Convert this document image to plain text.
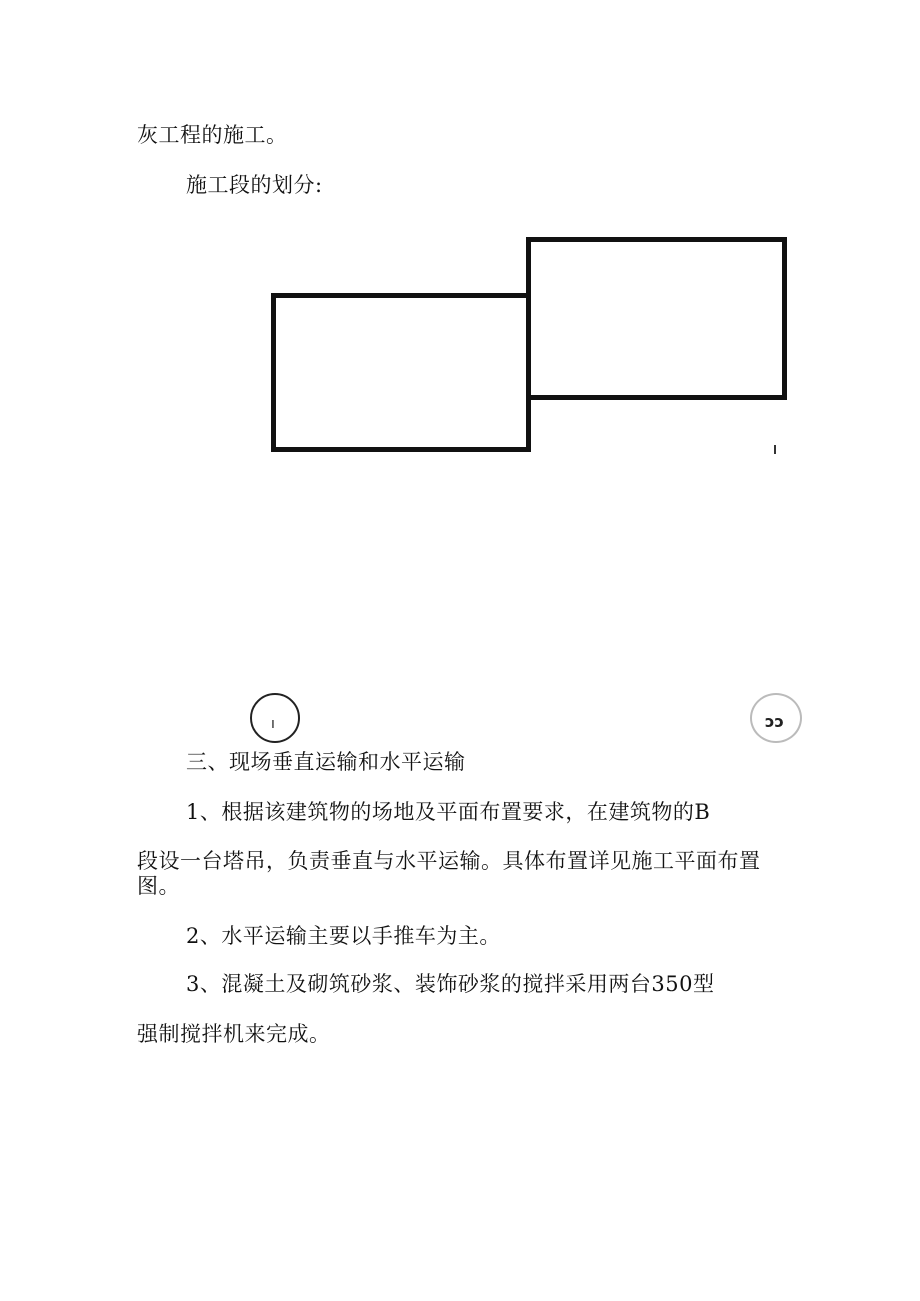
灰工程的施工。
施工段的划分:
ı	ɔɔ
三、现场垂直运输和水平运输
1、根据该建筑物的场地及平面布置要求，在建筑物的B
段设一台塔吊，负责垂直与水平运输。具体布置详见施工平面布置
图。
2、水平运输主要以手推车为主。
3、混凝土及砌筑砂浆、装饰砂浆的搅拌采用两台350型
强制搅拌机来完成。
